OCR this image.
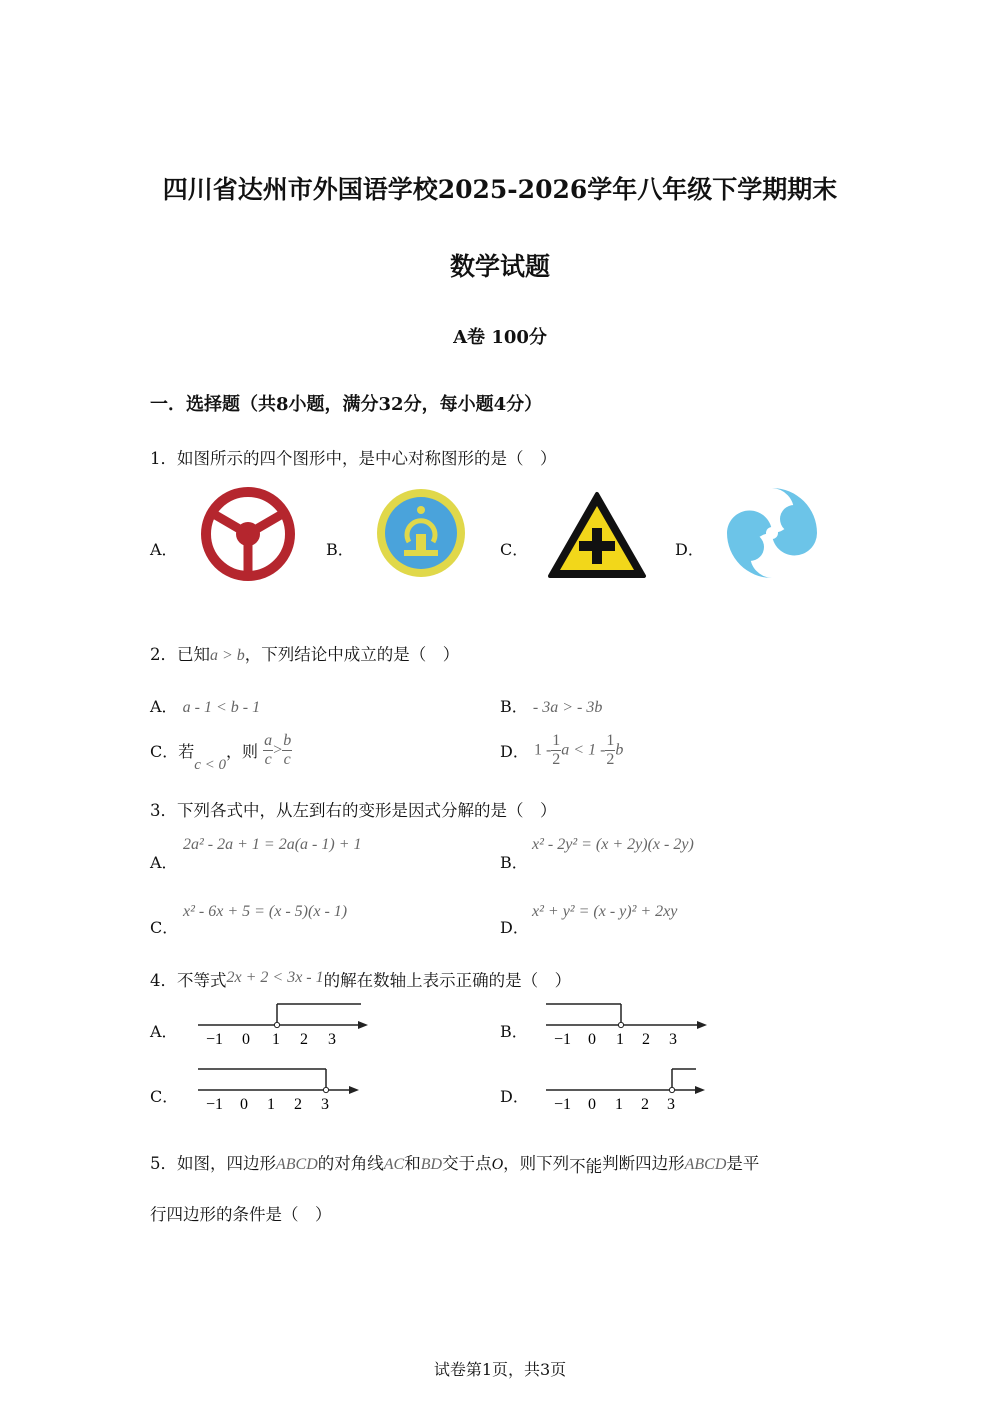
四川省达州市外国语学校2025-2026学年八年级下学期期末
数学试题
A卷 100分
一．选择题（共8小题，满分32分，每小题4分）
1．如图所示的四个图形中，是中心对称图形的是（　）
A．	B．	C．	D．
2．已知a > b，下列结论中成立的是（　）
A． a - 1 < b - 1	B． - 3a > - 3b
C．若c < 0，则 $\frac{a}{c} > \frac{b}{c}$	D． $1 - \frac{1}{2}$ $a < 1 - \frac{1}{2}$ b
3．下列各式中，从左到右的变形是因式分解的是（　）
A．
2a² - 2a + 1 = 2a(a - 1) + 1
B．
x² - 2y² = (x + 2y)(x - 2y)
C．
x² - 6x + 5 = (x - 5)(x - 1)
D．
x² + y² = (x - y)² + 2xy
4．不等式2x + 2 < 3x - 1的解在数轴上表示正确的是（　）
A． −1 0 1 2 3	B． −1 0 1 2 3
C． −1 0 1 2 3	D． −1 0 1 2 3
5．如图，四边形ABCD的对角线AC和BD交于点O，则下列不能判断四边形ABCD是平
行四边形的条件是（　）
试卷第1页，共3页
